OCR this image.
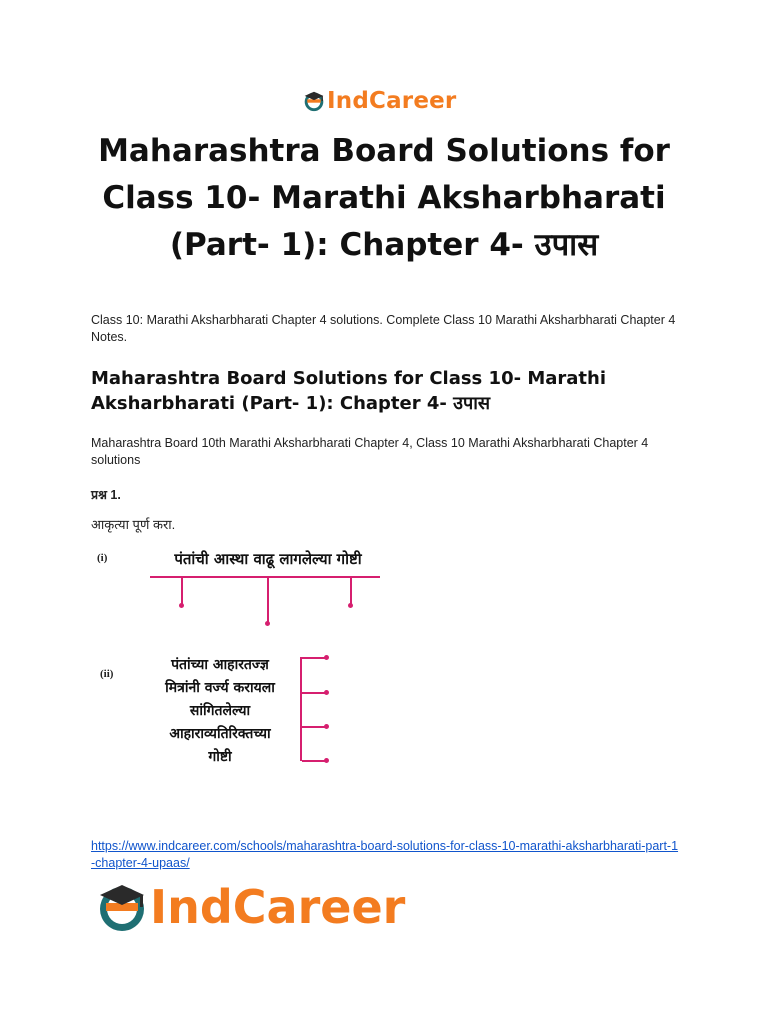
IndCareer
Maharashtra Board Solutions for Class 10- Marathi Aksharbharati (Part- 1): Chapter 4- उपास
Class 10: Marathi Aksharbharati Chapter 4 solutions. Complete Class 10 Marathi Aksharbharati Chapter 4 Notes.
Maharashtra Board Solutions for Class 10- Marathi Aksharbharati (Part- 1): Chapter 4- उपास
Maharashtra Board 10th Marathi Aksharbharati Chapter 4, Class 10 Marathi Aksharbharati Chapter 4 solutions
प्रश्न 1.
आकृत्या पूर्ण करा.
(i)	पंतांची आस्था वाढू लागलेल्या गोष्टी
(ii)
पंतांच्या आहारतज्ज्ञ
मित्रांनी वर्ज्य करायला
सांगितलेल्या
आहाराव्यतिरिक्तच्या
गोष्टी
https://www.indcareer.com/schools/maharashtra-board-solutions-for-class-10-marathi-aksharbharati-part-1-chapter-4-upaas/
IndCareer
